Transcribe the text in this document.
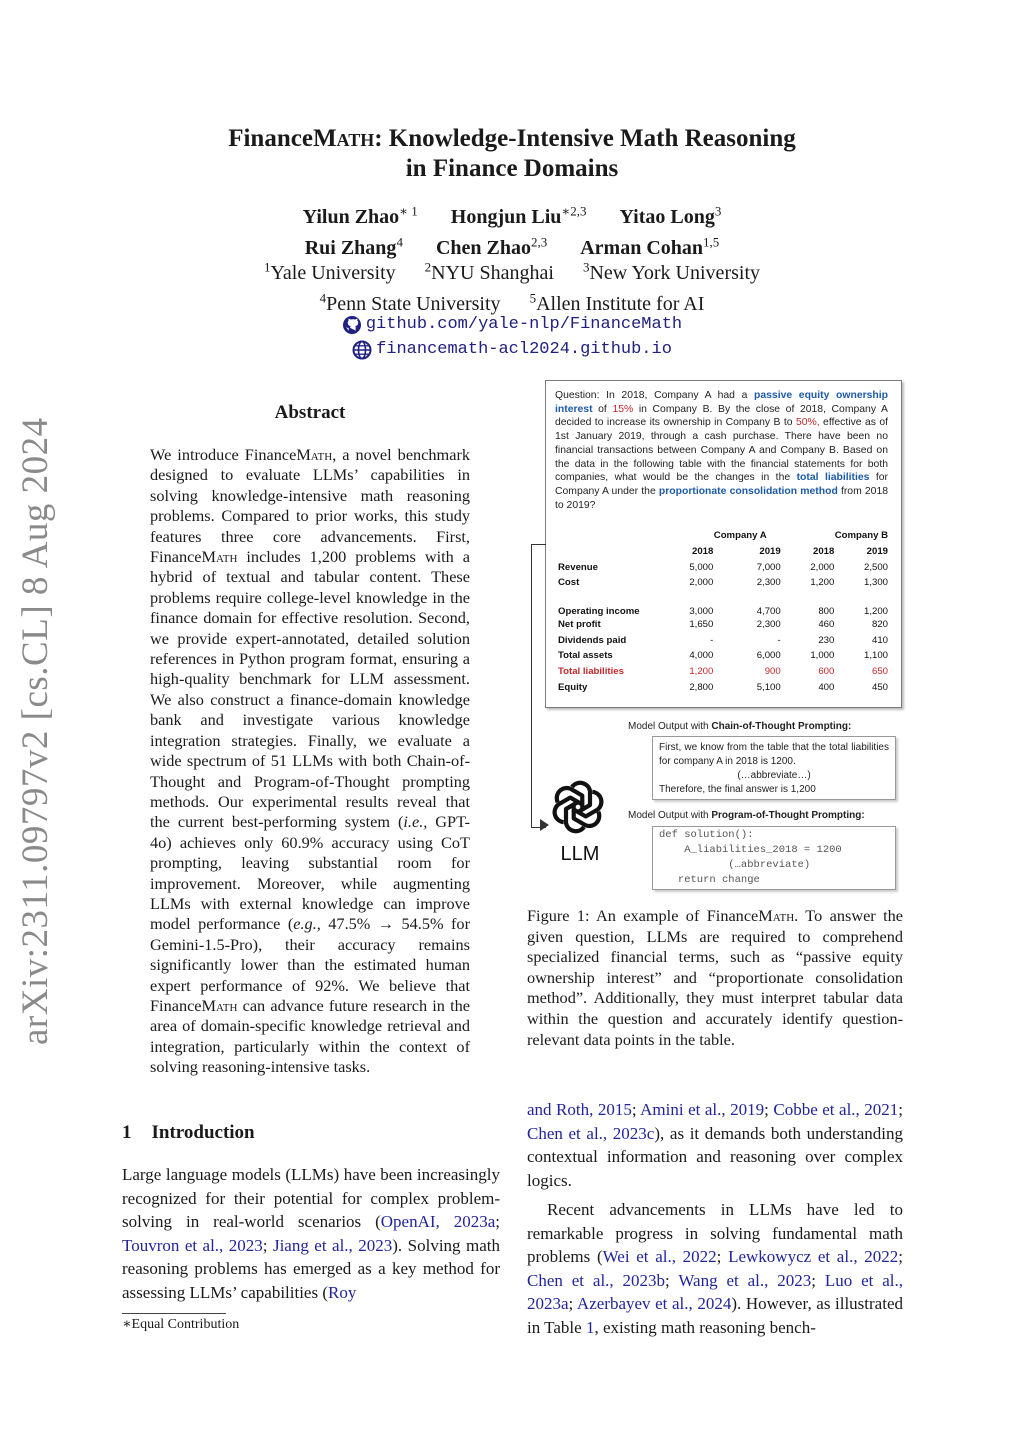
arXiv:2311.09797v2 [cs.CL] 8 Aug 2024
FinanceMath: Knowledge-Intensive Math Reasoning
in Finance Domains
Yilun Zhao$^{∗ 1}$ Hongjun Liu$^{∗2,3}$ Yitao Long$^3$
Rui Zhang$^4$ Chen Zhao$^{2,3}$ Arman Cohan$^{1,5}$
$^1$Yale University $^2$NYU Shanghai $^3$New York University
$^4$Penn State University $^5$Allen Institute for AI
github.com/yale-nlp/FinanceMath
financemath-acl2024.github.io
Abstract
We introduce FinanceMath, a novel benchmark designed to evaluate LLMs’ capabilities in solving knowledge-intensive math reasoning problems. Compared to prior works, this study features three core advancements. First, FinanceMath includes 1,200 problems with a hybrid of textual and tabular content. These problems require college-level knowledge in the finance domain for effective resolution. Second, we provide expert-annotated, detailed solution references in Python program format, ensuring a high-quality benchmark for LLM assessment. We also construct a finance-domain knowledge bank and investigate various knowledge integration strategies. Finally, we evaluate a wide spectrum of 51 LLMs with both Chain-of-Thought and Program-of-Thought prompting methods. Our experimental results reveal that the current best-performing system (i.e., GPT-4o) achieves only 60.9% accuracy using CoT prompting, leaving substantial room for improvement. Moreover, while augmenting LLMs with external knowledge can improve model performance (e.g., 47.5% → 54.5% for Gemini-1.5-Pro), their accuracy remains significantly lower than the estimated human expert performance of 92%. We believe that FinanceMath can advance future research in the area of domain-specific knowledge retrieval and integration, particularly within the context of solving reasoning-intensive tasks.
1 Introduction
Large language models (LLMs) have been increasingly recognized for their potential for complex problem-solving in real-world scenarios (OpenAI, 2023a; Touvron et al., 2023; Jiang et al., 2023). Solving math reasoning problems has emerged as a key method for assessing LLMs’ capabilities (Roy
∗Equal Contribution
Question: In 2018, Company A had a passive equity ownership interest of 15% in Company B. By the close of 2018, Company A decided to increase its ownership in Company B to 50%, effective as of 1st January 2019, through a cash purchase. There have been no financial transactions between Company A and Company B. Based on the data in the following table with the financial statements for both companies, what would be the changes in the total liabilities for Company A under the proportionate consolidation method from 2018 to 2019?
	Company A		Company B	
	2018	2019	2018	2019
Revenue	5,000	7,000	2,000	2,500
Cost	2,000	2,300	1,200	1,300
Operating income	3,000	4,700	800	1,200
Net profit	1,650	2,300	460	820
Dividends paid	-	-	230	410
Total assets	4,000	6,000	1,000	1,100
Total liabilities	1,200	900	600	650
Equity	2,800	5,100	400	450
LLM
Model Output with Chain-of-Thought Prompting:
First, we know from the table that the total liabilities for company A in 2018 is 1200.
(…abbreviate…)
Therefore, the final answer is 1,200
Model Output with Program-of-Thought Prompting:
def solution():
A_liabilities_2018 = 1200
(…abbreviate)
return change
Figure 1: An example of FinanceMath. To answer the given question, LLMs are required to comprehend specialized financial terms, such as “passive equity ownership interest” and “proportionate consolidation method”. Additionally, they must interpret tabular data within the question and accurately identify question-relevant data points in the table.

and Roth, 2015; Amini et al., 2019; Cobbe et al., 2021; Chen et al., 2023c), as it demands both understanding contextual information and reasoning over complex logics.

Recent advancements in LLMs have led to remarkable progress in solving fundamental math problems (Wei et al., 2022; Lewkowycz et al., 2022; Chen et al., 2023b; Wang et al., 2023; Luo et al., 2023a; Azerbayev et al., 2024). However, as illustrated in Table 1, existing math reasoning bench-
